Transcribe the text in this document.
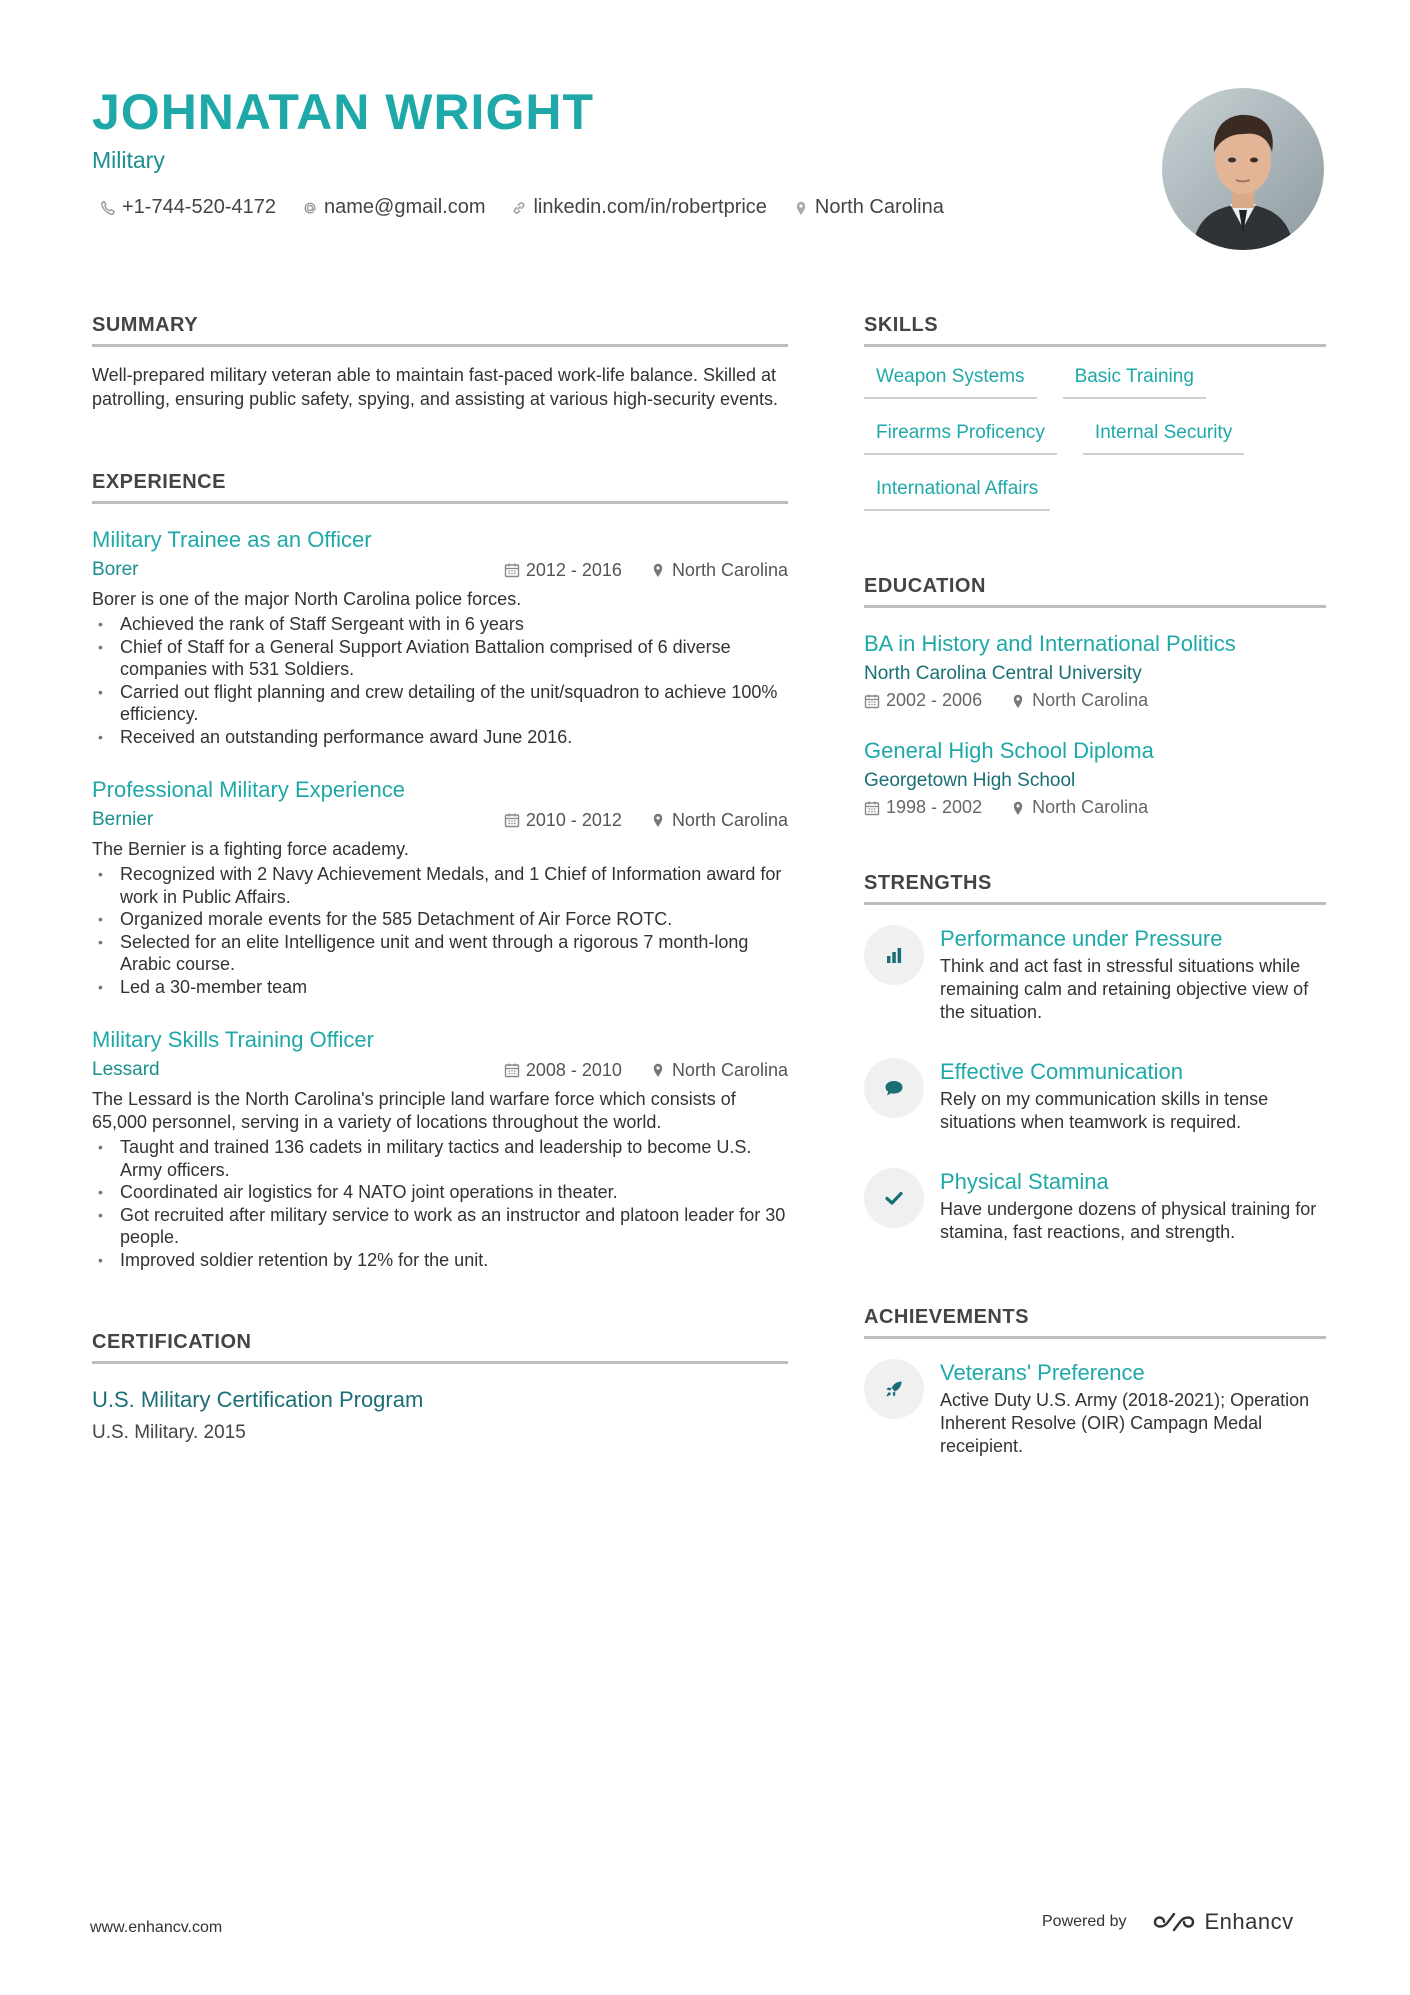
JOHNATAN WRIGHT
Military
+1-744-520-4172 name@gmail.com linkedin.com/in/robertprice North Carolina
SUMMARY
Well-prepared military veteran able to maintain fast-paced work-life balance. Skilled at patrolling, ensuring public safety, spying, and assisting at various high-security events.
EXPERIENCE
Military Trainee as an Officer
Borer	2012 - 2016	North Carolina
Borer is one of the major North Carolina police forces.
• Achieved the rank of Staff Sergeant with in 6 years
• Chief of Staff for a General Support Aviation Battalion comprised of 6 diverse companies with 531 Soldiers.
• Carried out flight planning and crew detailing of the unit/squadron to achieve 100% efficiency.
• Received an outstanding performance award June 2016.
Professional Military Experience
Bernier	2010 - 2012	North Carolina
The Bernier is a fighting force academy.
• Recognized with 2 Navy Achievement Medals, and 1 Chief of Information award for work in Public Affairs.
• Organized morale events for the 585 Detachment of Air Force ROTC.
• Selected for an elite Intelligence unit and went through a rigorous 7 month-long Arabic course.
• Led a 30-member team
Military Skills Training Officer
Lessard	2008 - 2010	North Carolina
The Lessard is the North Carolina's principle land warfare force which consists of 65,000 personnel, serving in a variety of locations throughout the world.
• Taught and trained 136 cadets in military tactics and leadership to become U.S. Army officers.
• Coordinated air logistics for 4 NATO joint operations in theater.
• Got recruited after military service to work as an instructor and platoon leader for 30 people.
• Improved soldier retention by 12% for the unit.
CERTIFICATION
U.S. Military Certification Program
U.S. Military. 2015
SKILLS
Weapon Systems	Basic Training
Firearms Proficency	Internal Security
International Affairs
EDUCATION
BA in History and International Politics
North Carolina Central University
2002 - 2006	North Carolina
General High School Diploma
Georgetown High School
1998 - 2002	North Carolina
STRENGTHS
Performance under Pressure
Think and act fast in stressful situations while remaining calm and retaining objective view of the situation.
Effective Communication
Rely on my communication skills in tense situations when teamwork is required.
Physical Stamina
Have undergone dozens of physical training for stamina, fast reactions, and strength.
ACHIEVEMENTS
Veterans' Preference
Active Duty U.S. Army (2018-2021); Operation Inherent Resolve (OIR) Campagn Medal receipient.
www.enhancv.com	Powered by	Enhancv
